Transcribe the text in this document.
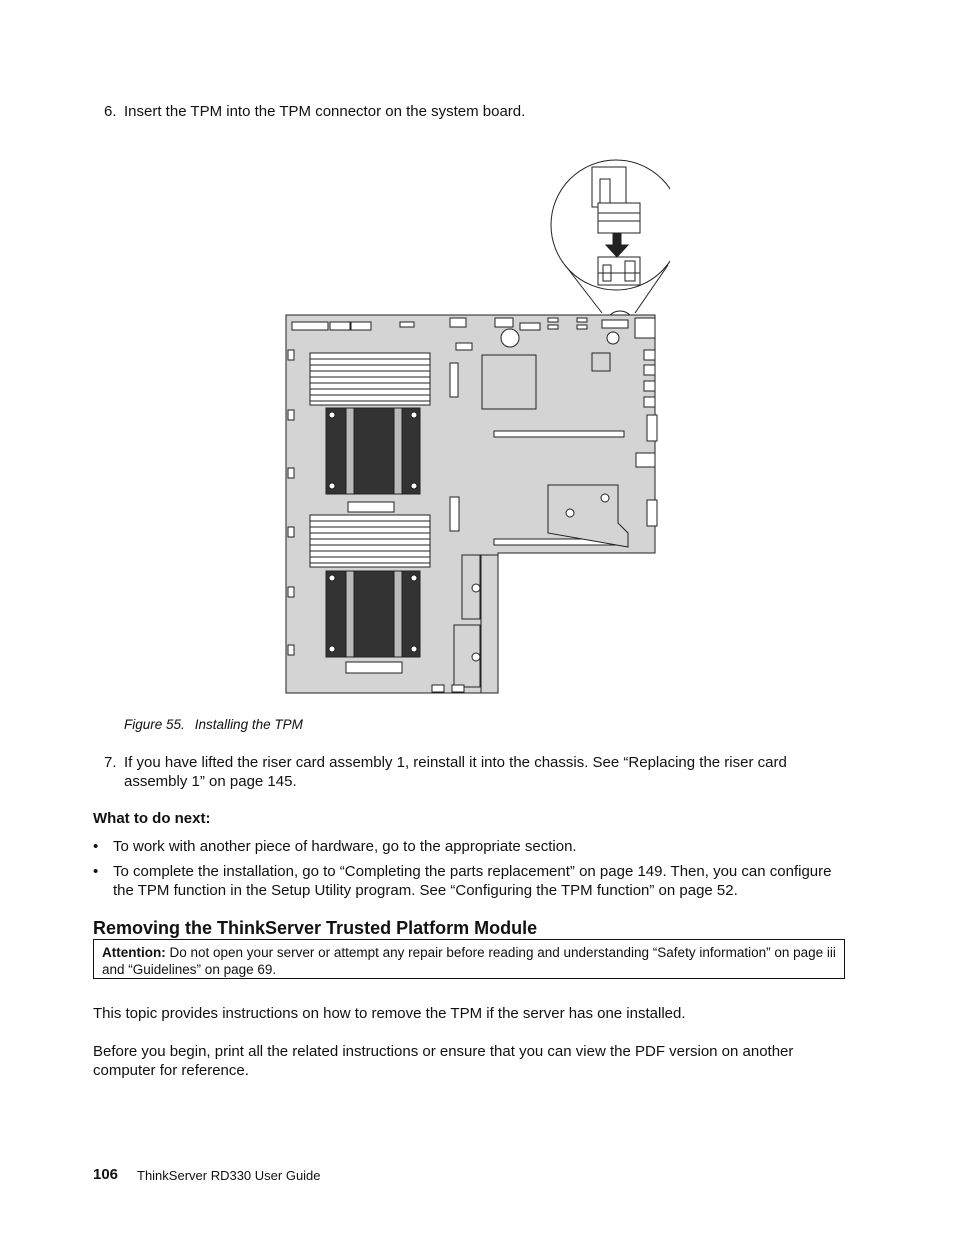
6. Insert the TPM into the TPM connector on the system board.
Figure 55. Installing the TPM
7. If you have lifted the riser card assembly 1, reinstall it into the chassis. See “Replacing the riser card assembly 1” on page 145.
What to do next:
• To work with another piece of hardware, go to the appropriate section.
• To complete the installation, go to “Completing the parts replacement” on page 149. Then, you can configure the TPM function in the Setup Utility program. See “Configuring the TPM function” on page 52.
Removing the ThinkServer Trusted Platform Module
Attention: Do not open your server or attempt any repair before reading and understanding “Safety information” on page iii and “Guidelines” on page 69.
This topic provides instructions on how to remove the TPM if the server has one installed.
Before you begin, print all the related instructions or ensure that you can view the PDF version on another computer for reference.
106 ThinkServer RD330 User Guide
